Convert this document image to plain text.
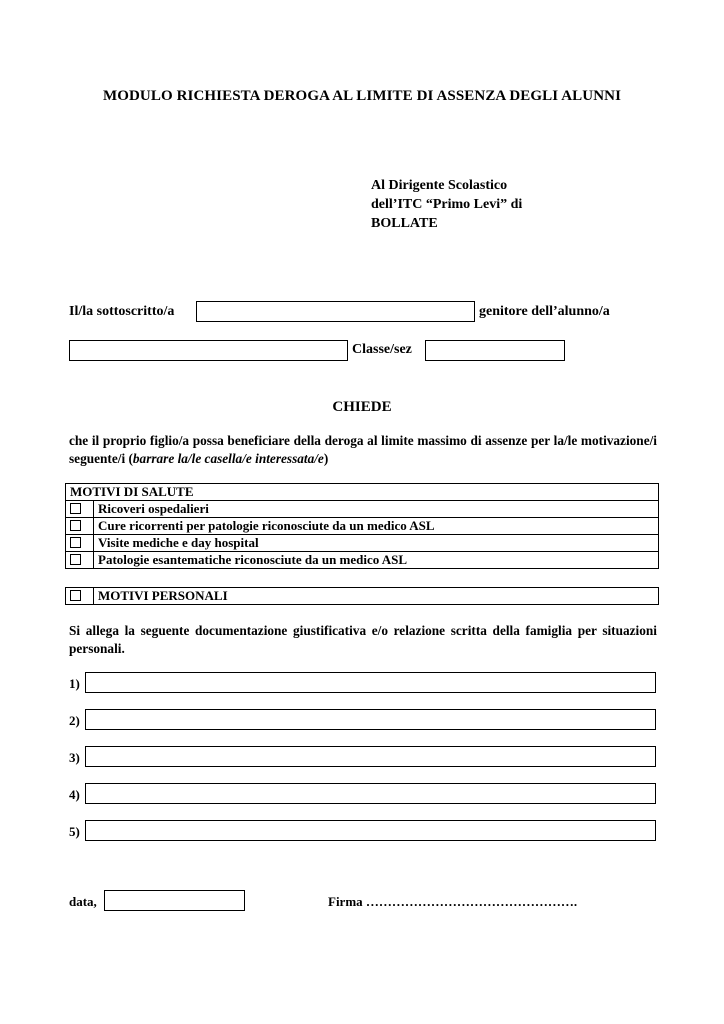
MODULO RICHIESTA DEROGA AL LIMITE DI ASSENZA DEGLI ALUNNI
Al Dirigente Scolastico
dell’ITC “Primo Levi” di
BOLLATE
Il/la sottoscritto/a	genitore dell’alunno/a
Classe/sez
CHIEDE
che il proprio figlio/a possa beneficiare della deroga al limite massimo di assenze per la/le motivazione/i seguente/i (barrare la/le casella/e interessata/e)
MOTIVI DI SALUTE	
	Ricoveri ospedalieri
	Cure ricorrenti per patologie riconosciute da un medico ASL
	Visite mediche e day hospital
	Patologie esantematiche riconosciute da un medico ASL
	MOTIVI PERSONALI
Si allega la seguente documentazione giustificativa e/o relazione scritta della famiglia per situazioni personali.
1)
2)
3)
4)
5)
data,	Firma ………………………………………….
